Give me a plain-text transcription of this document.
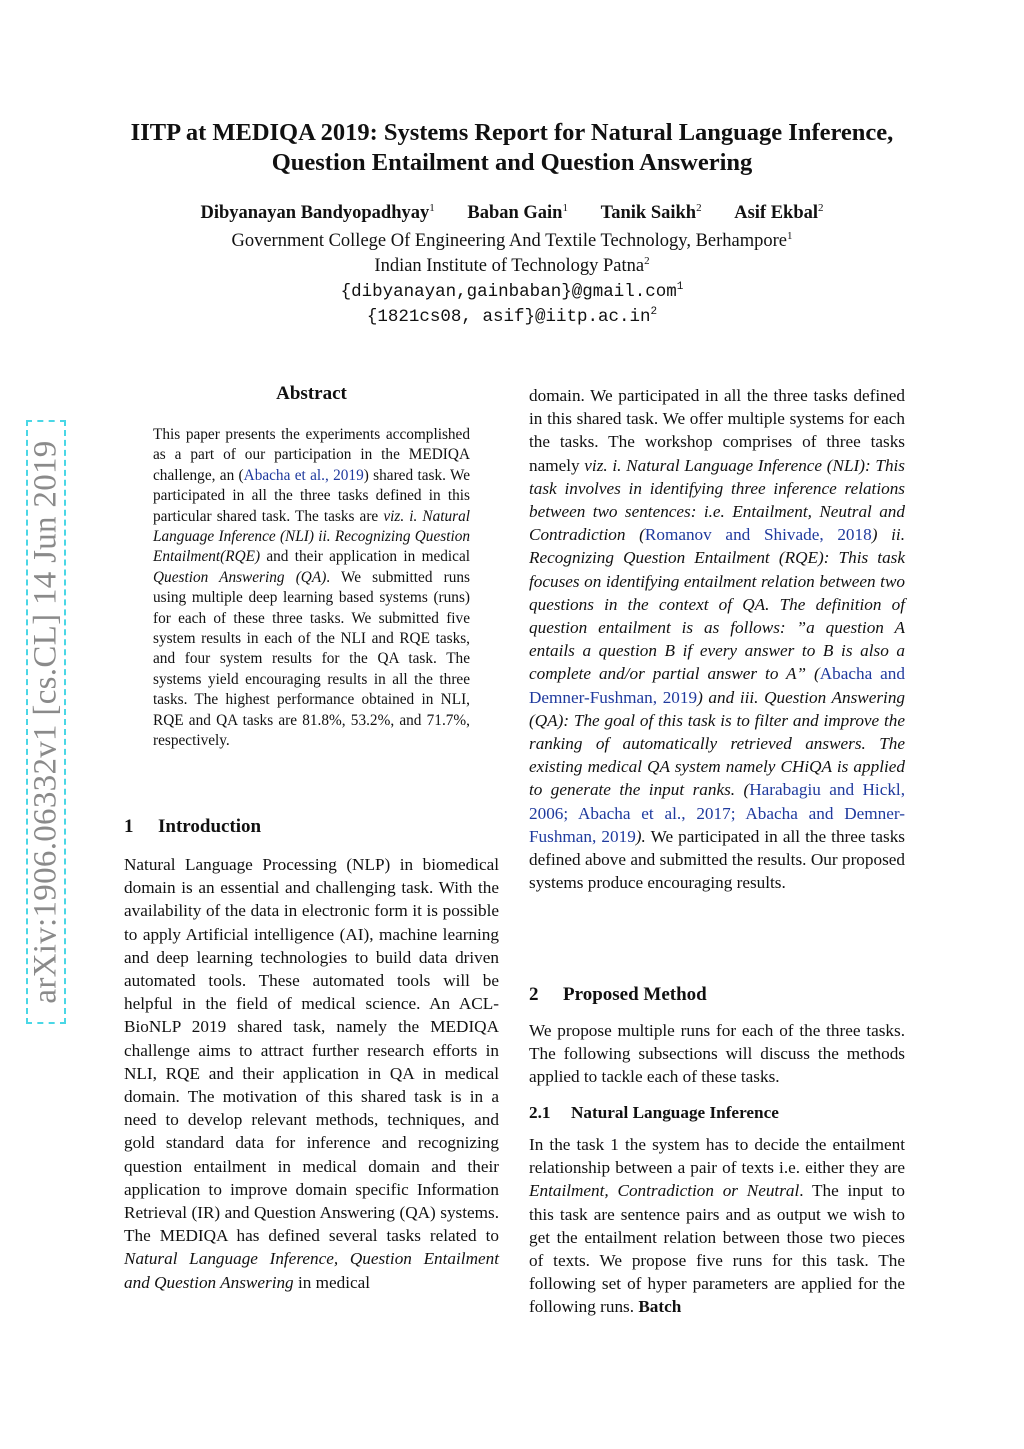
IITP at MEDIQA 2019: Systems Report for Natural Language Inference,
Question Entailment and Question Answering
Dibyanayan Bandyopadhyay$^1$ Baban Gain$^1$ Tanik Saikh$^2$ Asif Ekbal$^2$
Government College Of Engineering And Textile Technology, Berhampore$^1$
Indian Institute of Technology Patna$^2$
{dibyanayan,gainbaban}@gmail.com$^1$
{1821cs08, $asif\}@iitp.ac.in^2$
arXiv:1906.06332v1 [cs.CL] 14 Jun 2019
Abstract
This paper presents the experiments accomplished as a part of our participation in the MEDIQA challenge, an (Abacha et al., 2019) shared task. We participated in all the three tasks defined in this particular shared task. The tasks are viz. i. Natural Language Inference (NLI) ii. Recognizing Question Entailment(RQE) and their application in medical Question Answering (QA). We submitted runs using multiple deep learning based systems (runs) for each of these three tasks. We submitted five system results in each of the NLI and RQE tasks, and four system results for the QA task. The systems yield encouraging results in all the three tasks. The highest performance obtained in NLI, RQE and QA tasks are 81.8%, 53.2%, and 71.7%, respectively.
1 Introduction
Natural Language Processing (NLP) in biomedical domain is an essential and challenging task. With the availability of the data in electronic form it is possible to apply Artificial intelligence (AI), machine learning and deep learning technologies to build data driven automated tools. These automated tools will be helpful in the field of medical science. An ACL-BioNLP 2019 shared task, namely the MEDIQA challenge aims to attract further research efforts in NLI, RQE and their application in QA in medical domain. The motivation of this shared task is in a need to develop relevant methods, techniques, and gold standard data for inference and recognizing question entailment in medical domain and their application to improve domain specific Information Retrieval (IR) and Question Answering (QA) systems. The MEDIQA has defined several tasks related to Natural Language Inference, Question Entailment and Question Answering in medical
domain. We participated in all the three tasks defined in this shared task. We offer multiple systems for each the tasks. The workshop comprises of three tasks namely viz. i. Natural Language Inference (NLI): This task involves in identifying three inference relations between two sentences: i.e. Entailment, Neutral and Contradiction (Romanov and Shivade, 2018) ii. Recognizing Question Entailment (RQE): This task focuses on identifying entailment relation between two questions in the context of QA. The definition of question entailment is as follows: ”a question A entails a question B if every answer to B is also a complete and/or partial answer to A” (Abacha and Demner-Fushman, 2019) and iii. Question Answering (QA): The goal of this task is to filter and improve the ranking of automatically retrieved answers. The existing medical QA system namely CHiQA is applied to generate the input ranks. (Harabagiu and Hickl, 2006; Abacha et al., 2017; Abacha and Demner-Fushman, 2019). We participated in all the three tasks defined above and submitted the results. Our proposed systems produce encouraging results.
2 Proposed Method
We propose multiple runs for each of the three tasks. The following subsections will discuss the methods applied to tackle each of these tasks.
2.1 Natural Language Inference
In the task 1 the system has to decide the entailment relationship between a pair of texts i.e. either they are Entailment, Contradiction or Neutral. The input to this task are sentence pairs and as output we wish to get the entailment relation between those two pieces of texts. We propose five runs for this task. The following set of hyper parameters are applied for the following runs. Batch
